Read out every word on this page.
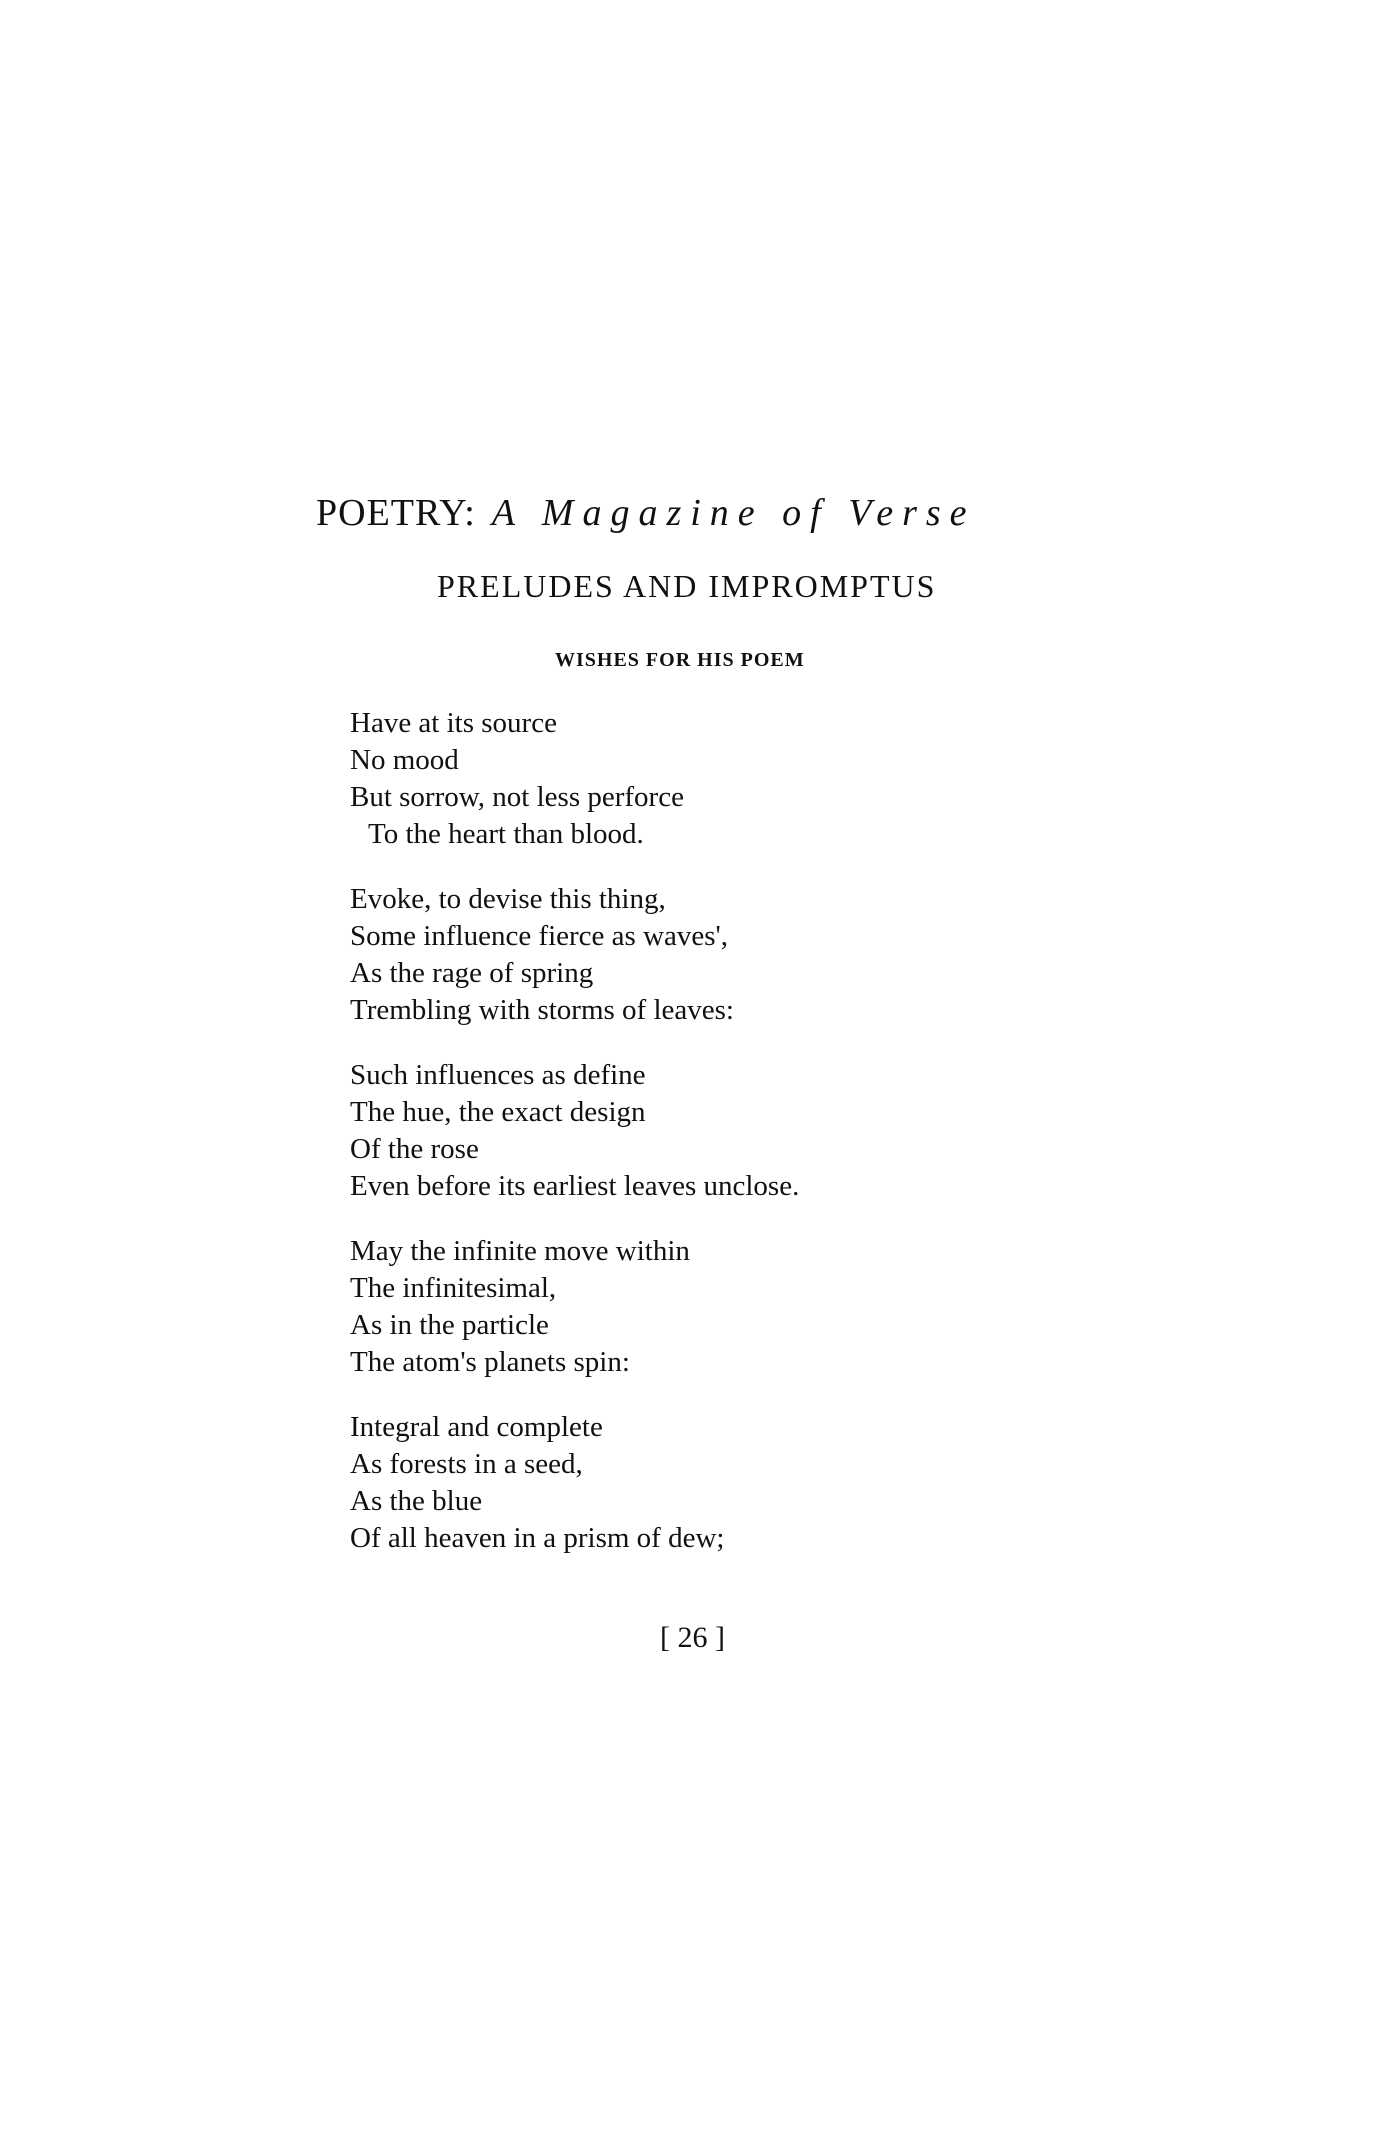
POETRY: A Magazine of Verse
PRELUDES AND IMPROMPTUS
WISHES FOR HIS POEM
Have at its source
No mood
But sorrow, not less perforce
To the heart than blood.
Evoke, to devise this thing,
Some influence fierce as waves',
As the rage of spring
Trembling with storms of leaves:
Such influences as define
The hue, the exact design
Of the rose
Even before its earliest leaves unclose.
May the infinite move within
The infinitesimal,
As in the particle
The atom's planets spin:
Integral and complete
As forests in a seed,
As the blue
Of all heaven in a prism of dew;
[ 26 ]
